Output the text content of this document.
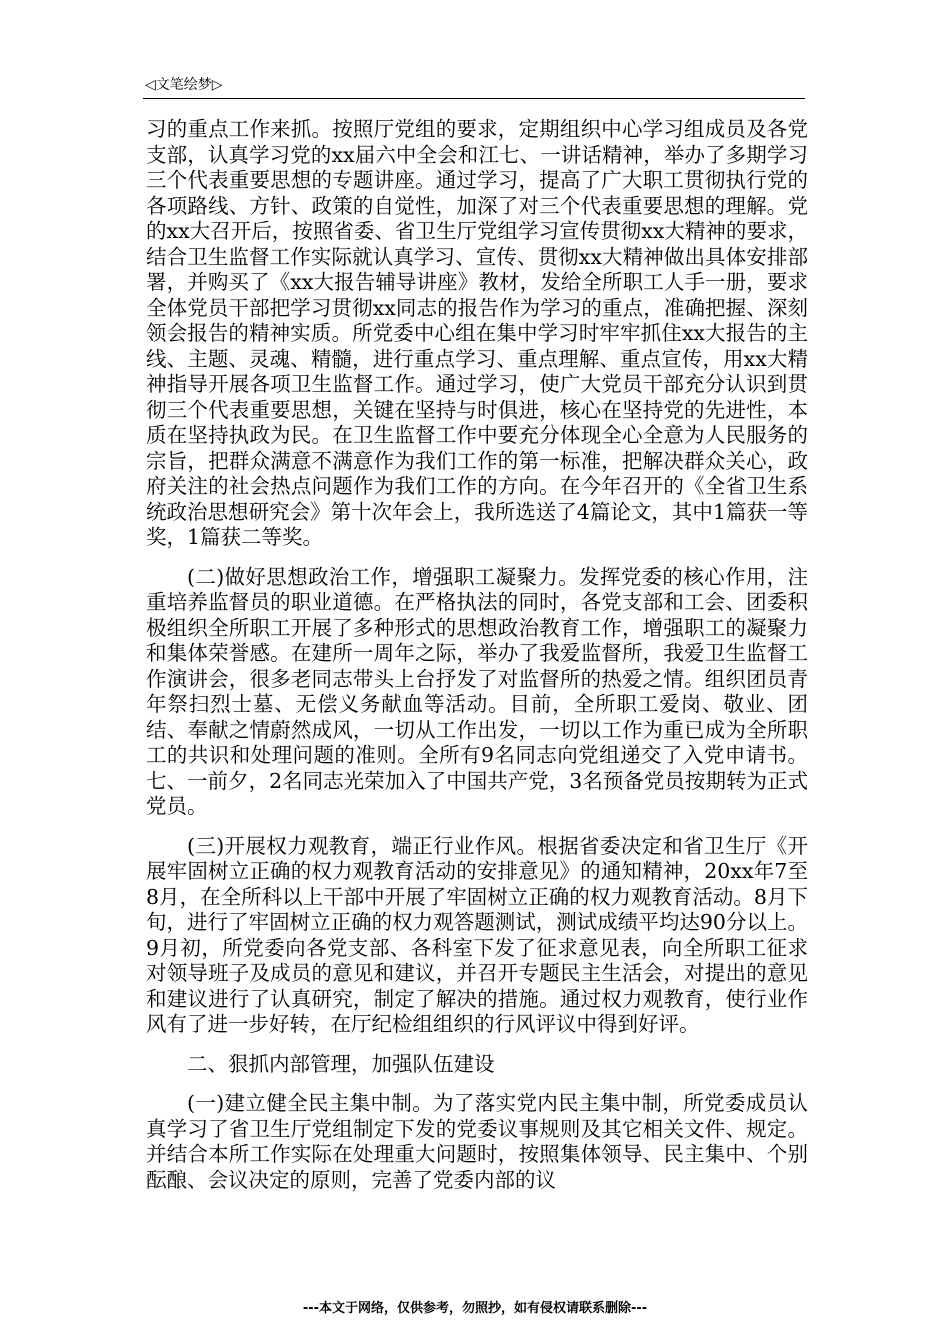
◁文笔绘梦▷

习的重点工作来抓。按照厅党组的要求，定期组织中心学习组成员及各党支部，认真学习党的xx届六中全会和江七、一讲话精神，举办了多期学习三个代表重要思想的专题讲座。通过学习，提高了广大职工贯彻执行党的各项路线、方针、政策的自觉性，加深了对三个代表重要思想的理解。党的xx大召开后，按照省委、省卫生厅党组学习宣传贯彻xx大精神的要求，结合卫生监督工作实际就认真学习、宣传、贯彻xx大精神做出具体安排部署，并购买了《xx大报告辅导讲座》教材，发给全所职工人手一册，要求全体党员干部把学习贯彻xx同志的报告作为学习的重点，准确把握、深刻领会报告的精神实质。所党委中心组在集中学习时牢牢抓住xx大报告的主线、主题、灵魂、精髓，进行重点学习、重点理解、重点宣传，用xx大精神指导开展各项卫生监督工作。通过学习，使广大党员干部充分认识到贯彻三个代表重要思想，关键在坚持与时俱进，核心在坚持党的先进性，本质在坚持执政为民。在卫生监督工作中要充分体现全心全意为人民服务的宗旨，把群众满意不满意作为我们工作的第一标准，把解决群众关心，政府关注的社会热点问题作为我们工作的方向。在今年召开的《全省卫生系统政治思想研究会》第十次年会上，我所选送了4篇论文，其中1篇获一等奖，1篇获二等奖。

(二)做好思想政治工作，增强职工凝聚力。发挥党委的核心作用，注重培养监督员的职业道德。在严格执法的同时，各党支部和工会、团委积极组织全所职工开展了多种形式的思想政治教育工作，增强职工的凝聚力和集体荣誉感。在建所一周年之际，举办了我爱监督所，我爱卫生监督工作演讲会，很多老同志带头上台抒发了对监督所的热爱之情。组织团员青年祭扫烈士墓、无偿义务献血等活动。目前，全所职工爱岗、敬业、团结、奉献之情蔚然成风，一切从工作出发，一切以工作为重已成为全所职工的共识和处理问题的准则。全所有9名同志向党组递交了入党申请书。七、一前夕，2名同志光荣加入了中国共产党，3名预备党员按期转为正式党员。

(三)开展权力观教育，端正行业作风。根据省委决定和省卫生厅《开展牢固树立正确的权力观教育活动的安排意见》的通知精神，20xx年7至8月，在全所科以上干部中开展了牢固树立正确的权力观教育活动。8月下旬，进行了牢固树立正确的权力观答题测试，测试成绩平均达90分以上。9月初，所党委向各党支部、各科室下发了征求意见表，向全所职工征求对领导班子及成员的意见和建议，并召开专题民主生活会，对提出的意见和建议进行了认真研究，制定了解决的措施。通过权力观教育，使行业作风有了进一步好转，在厅纪检组组织的行风评议中得到好评。

二、狠抓内部管理，加强队伍建设

(一)建立健全民主集中制。为了落实党内民主集中制，所党委成员认真学习了省卫生厅党组制定下发的党委议事规则及其它相关文件、规定。并结合本所工作实际在处理重大问题时，按照集体领导、民主集中、个别酝酿、会议决定的原则，完善了党委内部的议

---本文于网络，仅供参考，勿照抄，如有侵权请联系删除---
